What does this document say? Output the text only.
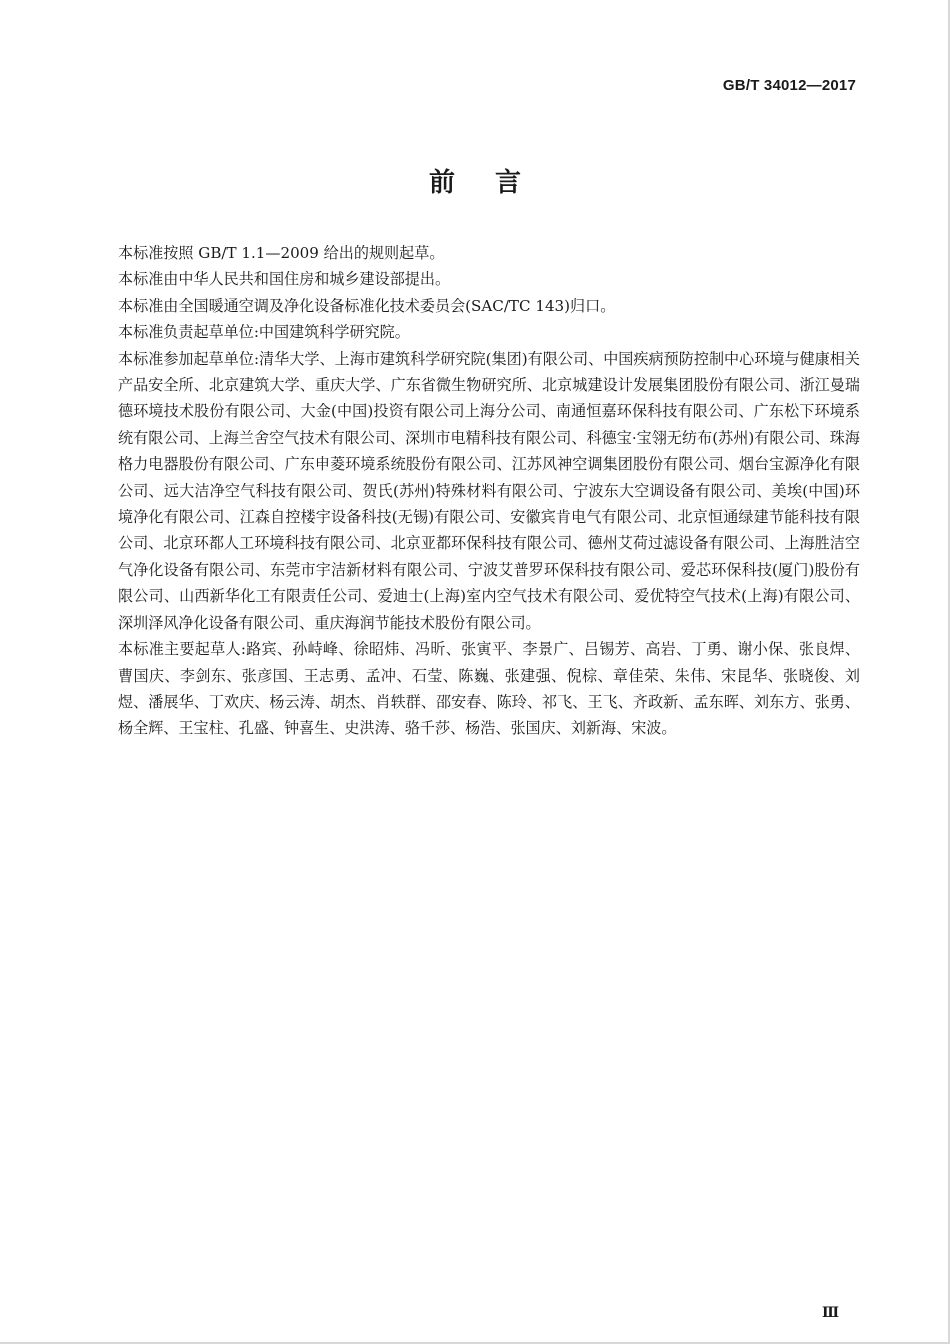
GB/T 34012—2017
前言

本标准按照 GB/T 1.1—2009 给出的规则起草。

本标准由中华人民共和国住房和城乡建设部提出。

本标准由全国暖通空调及净化设备标准化技术委员会(SAC/TC 143)归口。

本标准负责起草单位:中国建筑科学研究院。

本标准参加起草单位:清华大学、上海市建筑科学研究院(集团)有限公司、中国疾病预防控制中心环境与健康相关产品安全所、北京建筑大学、重庆大学、广东省微生物研究所、北京城建设计发展集团股份有限公司、浙江曼瑞德环境技术股份有限公司、大金(中国)投资有限公司上海分公司、南通恒嘉环保科技有限公司、广东松下环境系统有限公司、上海兰舍空气技术有限公司、深圳市电精科技有限公司、科德宝·宝翎无纺布(苏州)有限公司、珠海格力电器股份有限公司、广东申菱环境系统股份有限公司、江苏风神空调集团股份有限公司、烟台宝源净化有限公司、远大洁净空气科技有限公司、贺氏(苏州)特殊材料有限公司、宁波东大空调设备有限公司、美埃(中国)环境净化有限公司、江森自控楼宇设备科技(无锡)有限公司、安徽宾肯电气有限公司、北京恒通绿建节能科技有限公司、北京环都人工环境科技有限公司、北京亚都环保科技有限公司、德州艾荷过滤设备有限公司、上海胜洁空气净化设备有限公司、东莞市宇洁新材料有限公司、宁波艾普罗环保科技有限公司、爱芯环保科技(厦门)股份有限公司、山西新华化工有限责任公司、爱迪士(上海)室内空气技术有限公司、爱优特空气技术(上海)有限公司、深圳泽风净化设备有限公司、重庆海润节能技术股份有限公司。

本标准主要起草人:路宾、孙峙峰、徐昭炜、冯昕、张寅平、李景广、吕锡芳、高岩、丁勇、谢小保、张良焊、曹国庆、李剑东、张彦国、王志勇、孟冲、石莹、陈巍、张建强、倪棕、章佳荣、朱伟、宋昆华、张晓俊、刘煜、潘展华、丁欢庆、杨云涛、胡杰、肖轶群、邵安春、陈玲、祁飞、王飞、齐政新、孟东晖、刘东方、张勇、杨全辉、王宝柱、孔盛、钟喜生、史洪涛、骆千莎、杨浩、张国庆、刘新海、宋波。

Ⅲ
